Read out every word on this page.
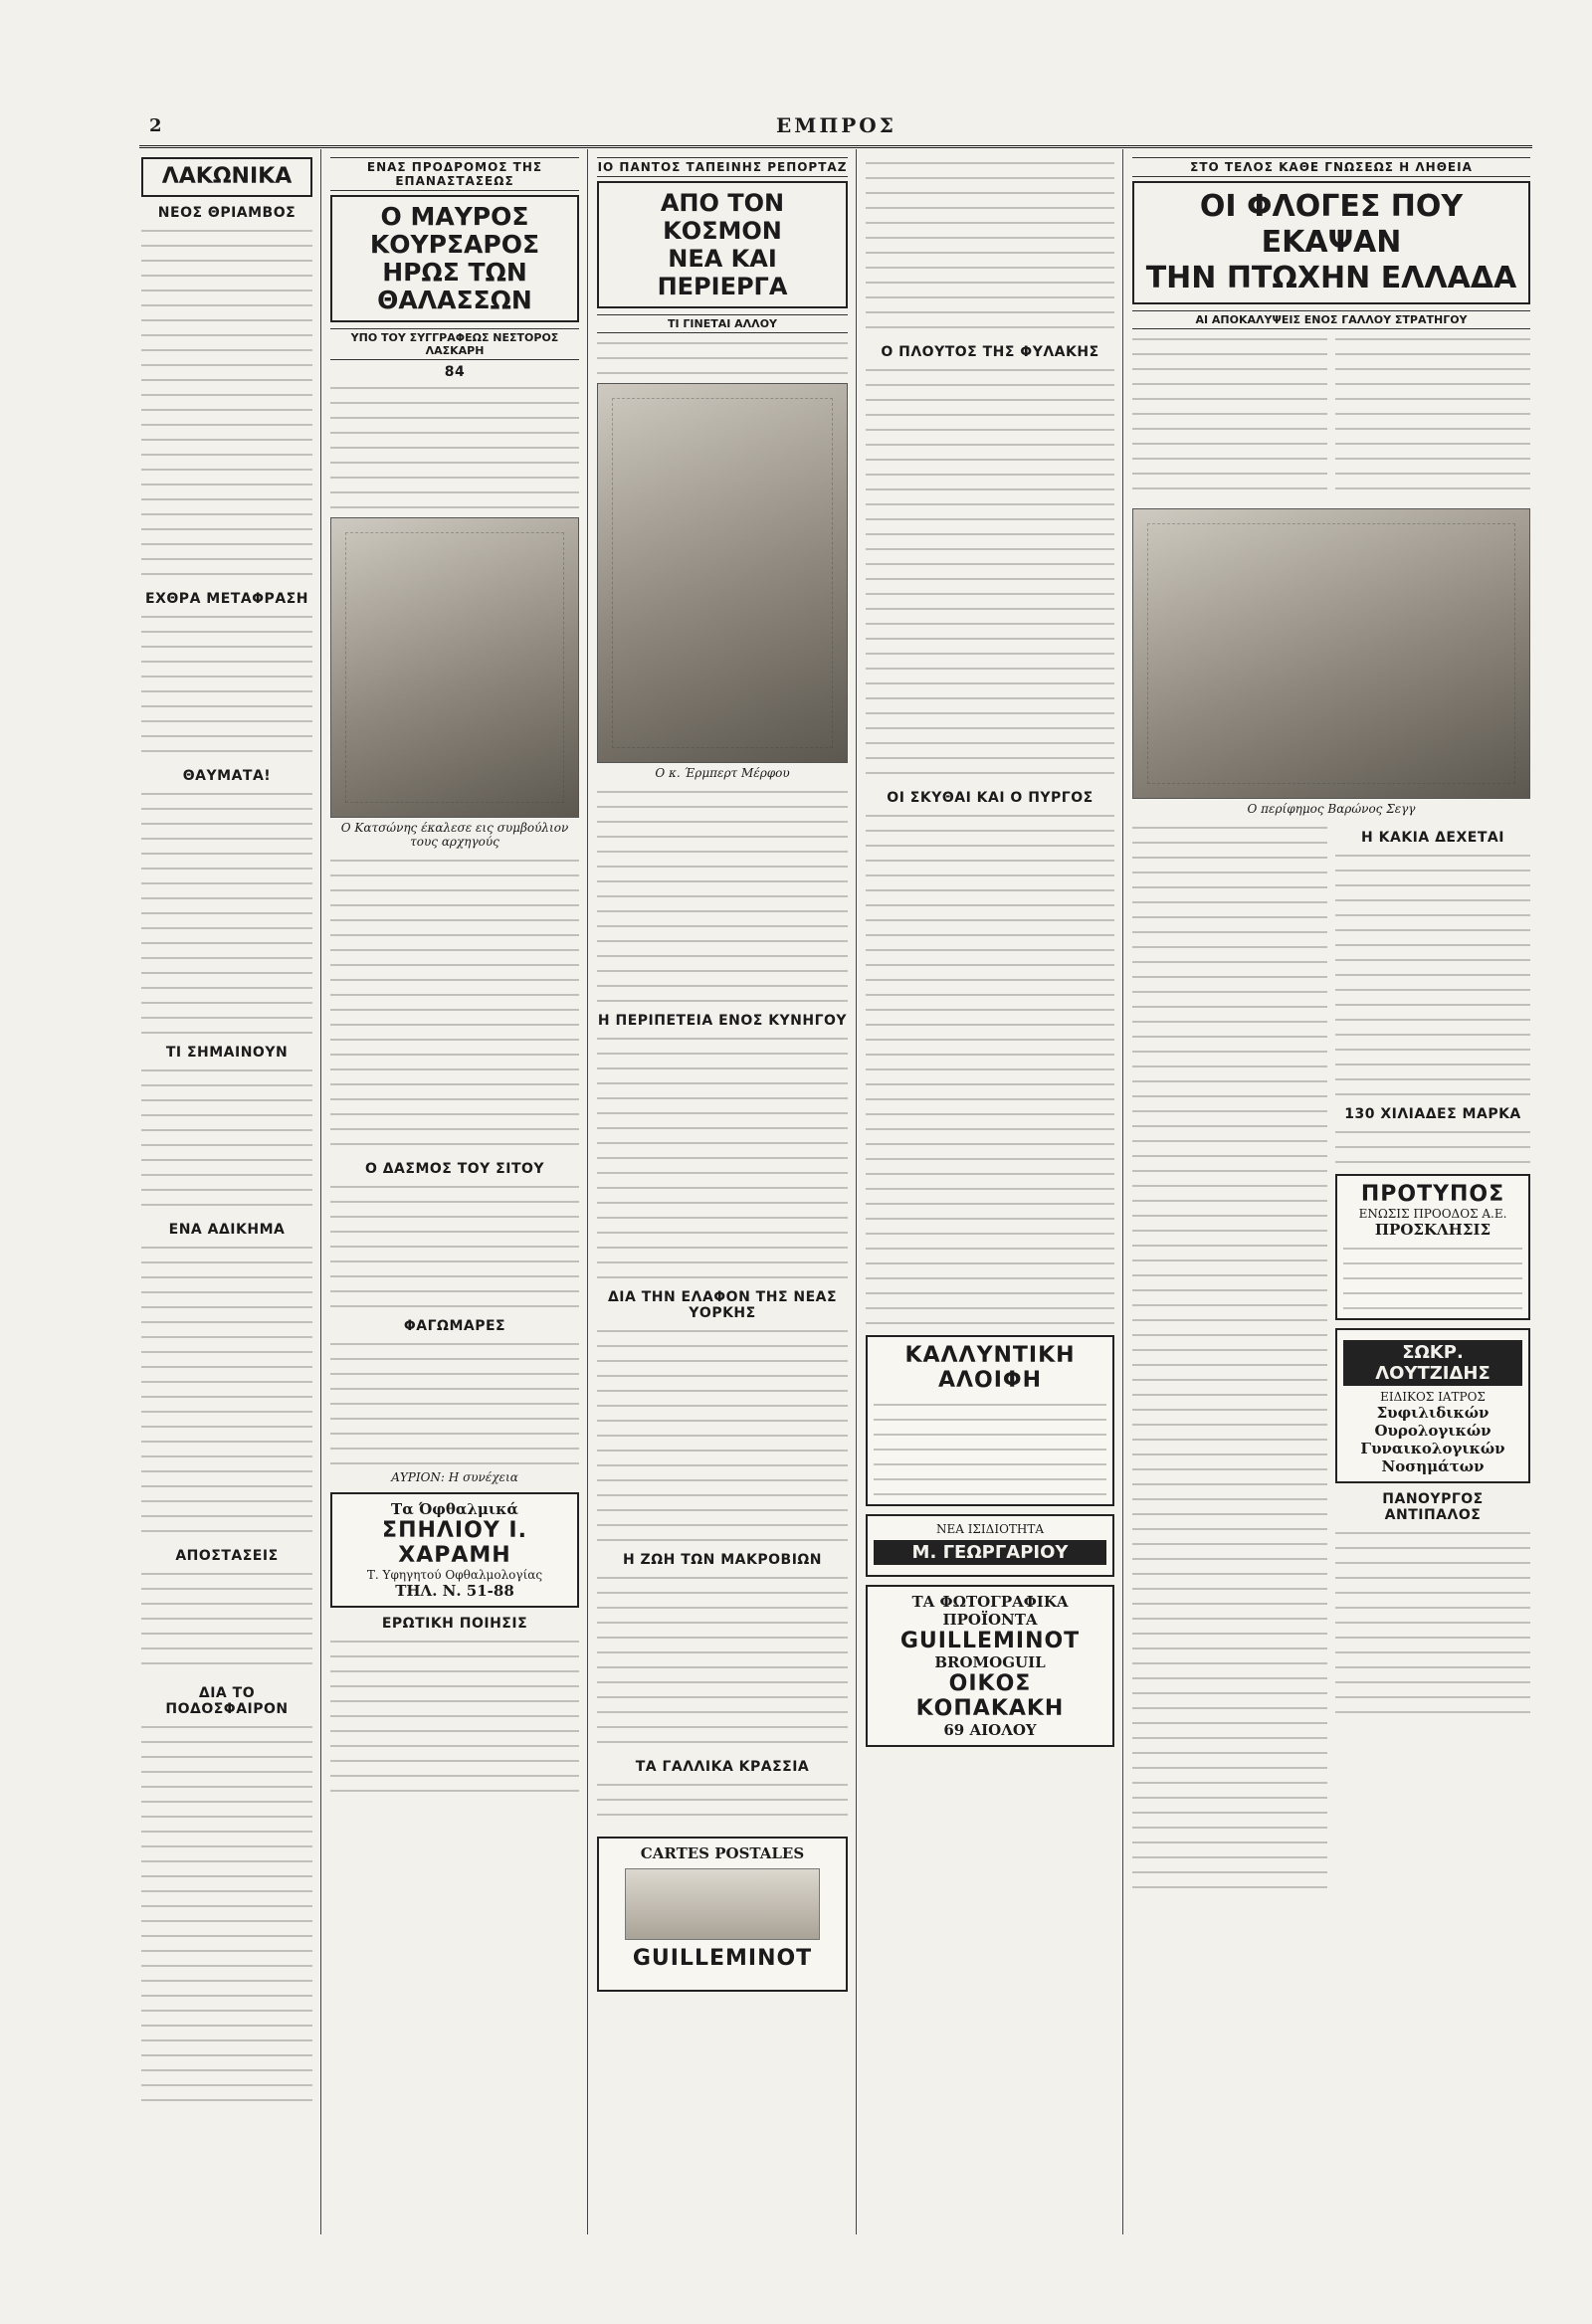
2	ΕΜΠΡΟΣ
ΛΑΚΩΝΙΚΑ
ΝΕΟΣ ΘΡΙΑΜΒΟΣ
ΕΧΘΡΑ ΜΕΤΑΦΡΑΣΗ
ΘΑΥΜΑΤΑ!
ΤΙ ΣΗΜΑΙΝΟΥΝ
ΕΝΑ ΑΔΙΚΗΜΑ
ΑΠΟΣΤΑΣΕΙΣ
ΔΙΑ ΤΟ ΠΟΔΟΣΦΑΙΡΟΝ
ΕΝΑΣ ΠΡΟΔΡΟΜΟΣ ΤΗΣ ΕΠΑΝΑΣΤΑΣΕΩΣ
Ο ΜΑΥΡΟΣ ΚΟΥΡΣΑΡΟΣ
ΗΡΩΣ ΤΩΝ ΘΑΛΑΣΣΩΝ
ΥΠΟ ΤΟΥ ΣΥΓΓΡΑΦΕΩΣ ΝΕΣΤΟΡΟΣ ΛΑΣΚΑΡΗ
84
Ο Κατσώνης έκαλεσε εις συμβούλιον τους αρχηγούς
Ο ΔΑΣΜΟΣ ΤΟΥ ΣΙΤΟΥ
ΦΑΓΩΜΑΡΕΣ
ΑΥΡΙΟΝ: Η συνέχεια
Τα Όφθαλμικά
ΣΠΗΛΙΟΥ Ι. ΧΑΡΑΜΗ
Τ. Υφηγητού Οφθαλμολογίας
ΤΗΛ. Ν. 51-88
ΕΡΩΤΙΚΗ ΠΟΙΗΣΙΣ
ΙΟ ΠΑΝΤΟΣ ΤΑΠΕΙΝΗΣ ΡΕΠΟΡΤΑΖ
ΑΠΟ ΤΟΝ ΚΟΣΜΟΝ
ΝΕΑ ΚΑΙ ΠΕΡΙΕΡΓΑ
ΤΙ ΓΙΝΕΤΑΙ ΑΛΛΟΥ
Ο κ. Έρμπερτ Μέρφου
Η ΠΕΡΙΠΕΤΕΙΑ ΕΝΟΣ ΚΥΝΗΓΟΥ
ΔΙΑ ΤΗΝ ΕΛΑΦΟΝ ΤΗΣ ΝΕΑΣ ΥΟΡΚΗΣ
Η ΖΩΗ ΤΩΝ ΜΑΚΡΟΒΙΩΝ
ΤΑ ΓΑΛΛΙΚΑ ΚΡΑΣΣΙΑ
CARTES POSTALES
GUILLEMINOT
Ο ΠΛΟΥΤΟΣ ΤΗΣ ΦΥΛΑΚΗΣ
ΟΙ ΣΚΥΘΑΙ ΚΑΙ Ο ΠΥΡΓΟΣ
ΚΑΛΛΥΝΤΙΚΗ ΑΛΟΙΦΗ
ΝΕΑ ΙΣΙΔΙΟΤΗΤΑ
Μ. ΓΕΩΡΓΑΡΙΟΥ
ΤΑ ΦΩΤΟΓΡΑΦΙΚΑ ΠΡΟΪΟΝΤΑ
GUILLEMINOT
BROMOGUIL
ΟΙΚΟΣ ΚΟΠΑΚΑΚΗ
69 ΑΙΟΛΟΥ
ΣΤΟ ΤΕΛΟΣ ΚΑΘΕ ΓΝΩΣΕΩΣ Η ΛΗΘΕΙΑ
ΟΙ ΦΛΟΓΕΣ ΠΟΥ ΕΚΑΨΑΝ
ΤΗΝ ΠΤΩΧΗΝ ΕΛΛΑΔΑ
ΑΙ ΑΠΟΚΑΛΥΨΕΙΣ ΕΝΟΣ ΓΑΛΛΟΥ ΣΤΡΑΤΗΓΟΥ
Ο περίφημος Βαρώνος Σεγγ
Η ΚΑΚΙΑ ΔΕΧΕΤΑΙ
130 ΧΙΛΙΑΔΕΣ ΜΑΡΚΑ
ΠΡΟΤΥΠΟΣ
ΕΝΩΣΙΣ ΠΡΟΟΔΟΣ Α.Ε.
ΠΡΟΣΚΛΗΣΙΣ
ΣΩΚΡ. ΛΟΥΤΖΙΔΗΣ
ΕΙΔΙΚΟΣ ΙΑΤΡΟΣ
Συφιλιδικών
Ουρολογικών
Γυναικολογικών
Νοσημάτων
ΠΑΝΟΥΡΓΟΣ ΑΝΤΙΠΑΛΟΣ
